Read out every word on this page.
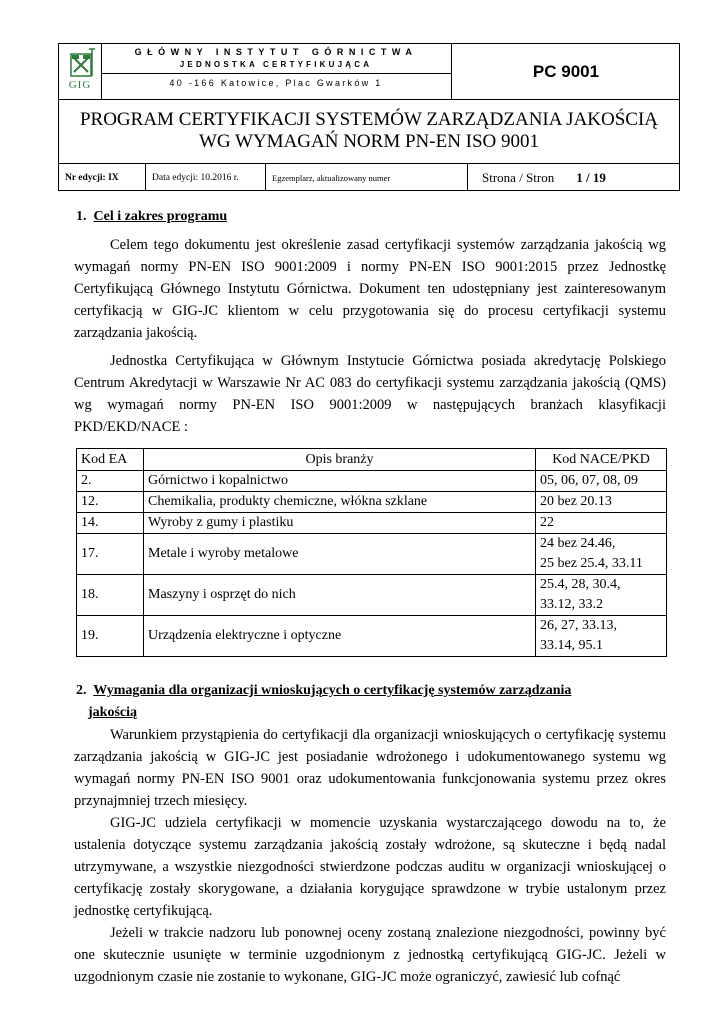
GIG
GŁÓWNY INSTYTUT GÓRNICTWA
JEDNOSTKA CERTYFIKUJĄCA
40 -166 Katowice, Plac Gwarków 1
PC 9001
PROGRAM CERTYFIKACJI SYSTEMÓW ZARZĄDZANIA JAKOŚCIĄ
WG WYMAGAŃ NORM PN-EN ISO 9001
Nr edycji: IX	Data edycji: 10.2016 r.	Egzemplarz, aktualizowany numer	Strona / Stron 1 / 19
1. Cel i zakres programu

Celem tego dokumentu jest określenie zasad certyfikacji systemów zarządzania jakością wg wymagań normy PN-EN ISO 9001:2009 i normy PN-EN ISO 9001:2015 przez Jednostkę Certyfikującą Głównego Instytutu Górnictwa. Dokument ten udostępniany jest zainteresowanym certyfikacją w GIG-JC klientom w celu przygotowania się do procesu certyfikacji systemu zarządzania jakością.

Jednostka Certyfikująca w Głównym Instytucie Górnictwa posiada akredytację Polskiego Centrum Akredytacji w Warszawie Nr AC 083 do certyfikacji systemu zarządzania jakością (QMS) wg wymagań normy PN-EN ISO 9001:2009 w następujących branżach klasyfikacji PKD/EKD/NACE :

Kod EA	Opis branży	Kod NACE/PKD
2.	Górnictwo i kopalnictwo	05, 06, 07, 08, 09
12.	Chemikalia, produkty chemiczne, włókna szklane	20 bez 20.13
14.	Wyroby z gumy i plastiku	22
17.	Metale i wyroby metalowe	24 bez 24.46,
25 bez 25.4, 33.11

18.	Maszyny i osprzęt do nich	25.4, 28, 30.4,
33.12, 33.2

19.	Urządzenia elektryczne i optyczne	26, 27, 33.13,
33.14, 95.1
2. Wymagania dla organizacji wnioskujących o certyfikację systemów zarządzania
jakością

Warunkiem przystąpienia do certyfikacji dla organizacji wnioskujących o certyfikację systemu zarządzania jakością w GIG-JC jest posiadanie wdrożonego i udokumentowanego systemu wg wymagań normy PN-EN ISO 9001 oraz udokumentowania funkcjonowania systemu przez okres przynajmniej trzech miesięcy.

GIG-JC udziela certyfikacji w momencie uzyskania wystarczającego dowodu na to, że ustalenia dotyczące systemu zarządzania jakością zostały wdrożone, są skuteczne i będą nadal utrzymywane, a wszystkie niezgodności stwierdzone podczas auditu w organizacji wnioskującej o certyfikację zostały skorygowane, a działania korygujące sprawdzone w trybie ustalonym przez jednostkę certyfikującą.

Jeżeli w trakcie nadzoru lub ponownej oceny zostaną znalezione niezgodności, powinny być one skutecznie usunięte w terminie uzgodnionym z jednostką certyfikującą GIG-JC. Jeżeli w uzgodnionym czasie nie zostanie to wykonane, GIG-JC może ograniczyć, zawiesić lub cofnąć
